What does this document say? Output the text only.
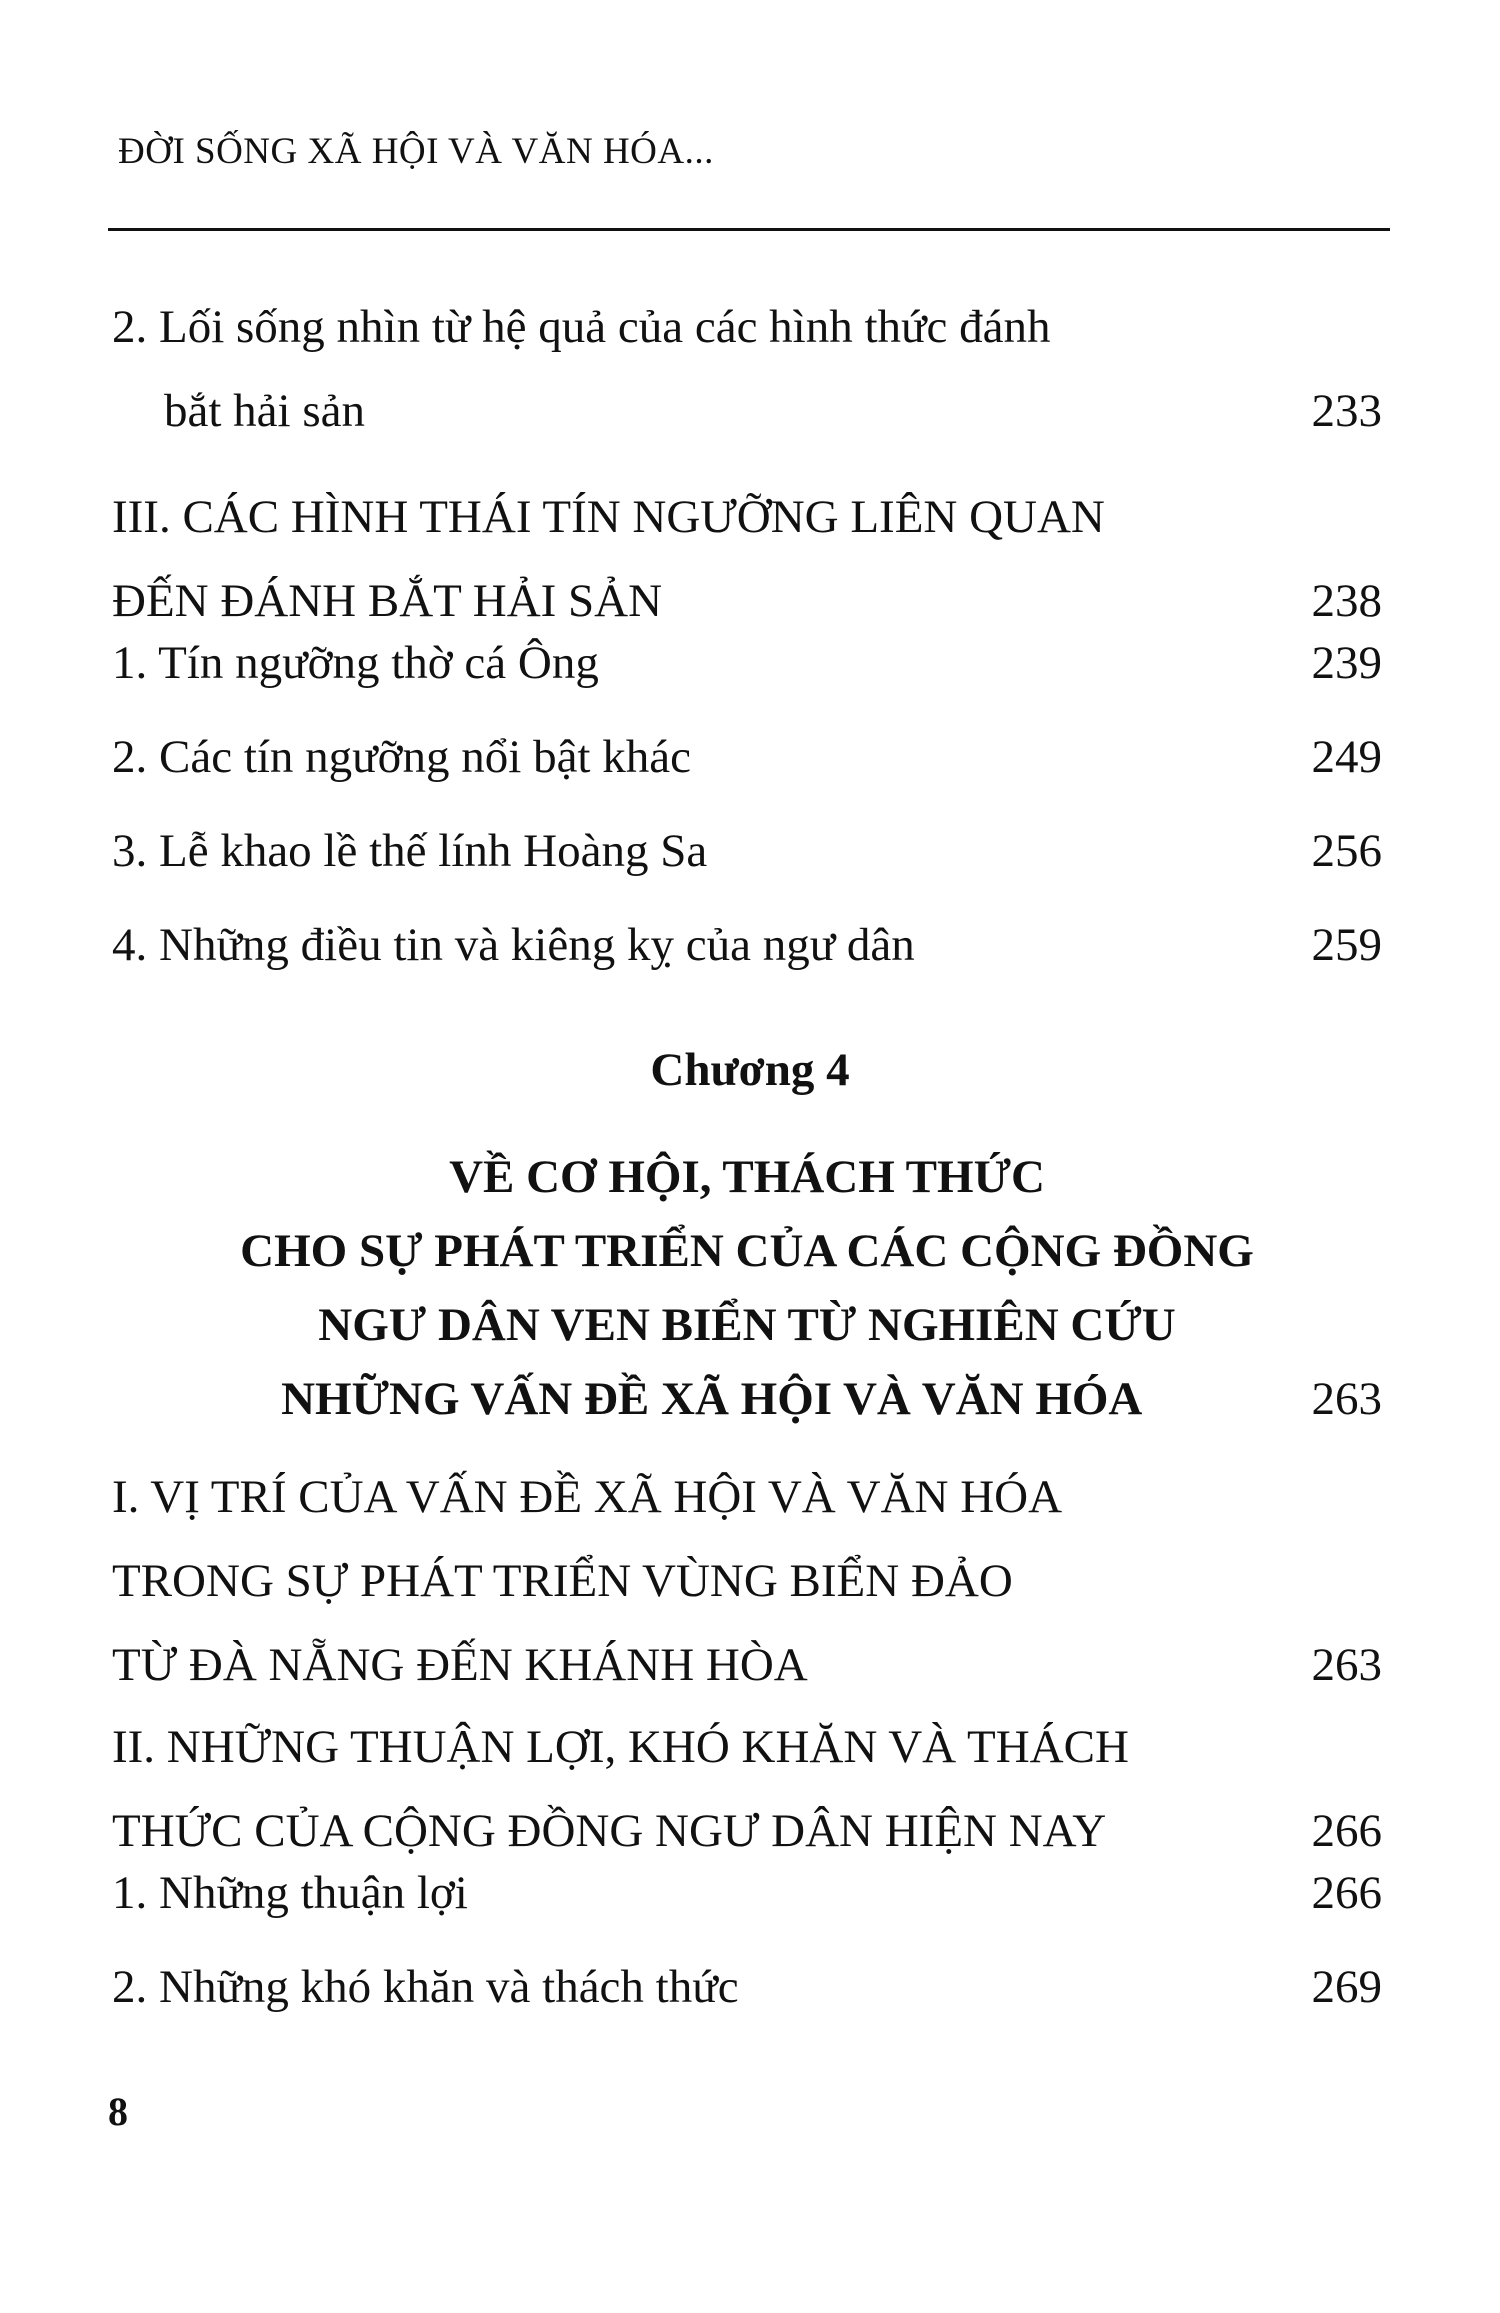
ĐỜI SỐNG XÃ HỘI VÀ VĂN HÓA...
2. Lối sống nhìn từ hệ quả của các hình thức đánh
bắt hải sản	233
III. CÁC HÌNH THÁI TÍN NGƯỠNG LIÊN QUAN
ĐẾN ĐÁNH BẮT HẢI SẢN	238
1. Tín ngưỡng thờ cá Ông	239
2. Các tín ngưỡng nổi bật khác	249
3. Lễ khao lề thế lính Hoàng Sa	256
4. Những điều tin và kiêng kỵ của ngư dân	259
Chương 4
VỀ CƠ HỘI, THÁCH THỨC
CHO SỰ PHÁT TRIỂN CỦA CÁC CỘNG ĐỒNG
NGƯ DÂN VEN BIỂN TỪ NGHIÊN CỨU
NHỮNG VẤN ĐỀ XÃ HỘI VÀ VĂN HÓA	263
I. VỊ TRÍ CỦA VẤN ĐỀ XÃ HỘI VÀ VĂN HÓA
TRONG SỰ PHÁT TRIỂN VÙNG BIỂN ĐẢO
TỪ ĐÀ NẴNG ĐẾN KHÁNH HÒA	263
II. NHỮNG THUẬN LỢI, KHÓ KHĂN VÀ THÁCH
THỨC CỦA CỘNG ĐỒNG NGƯ DÂN HIỆN NAY	266
1. Những thuận lợi	266
2. Những khó khăn và thách thức	269
8
